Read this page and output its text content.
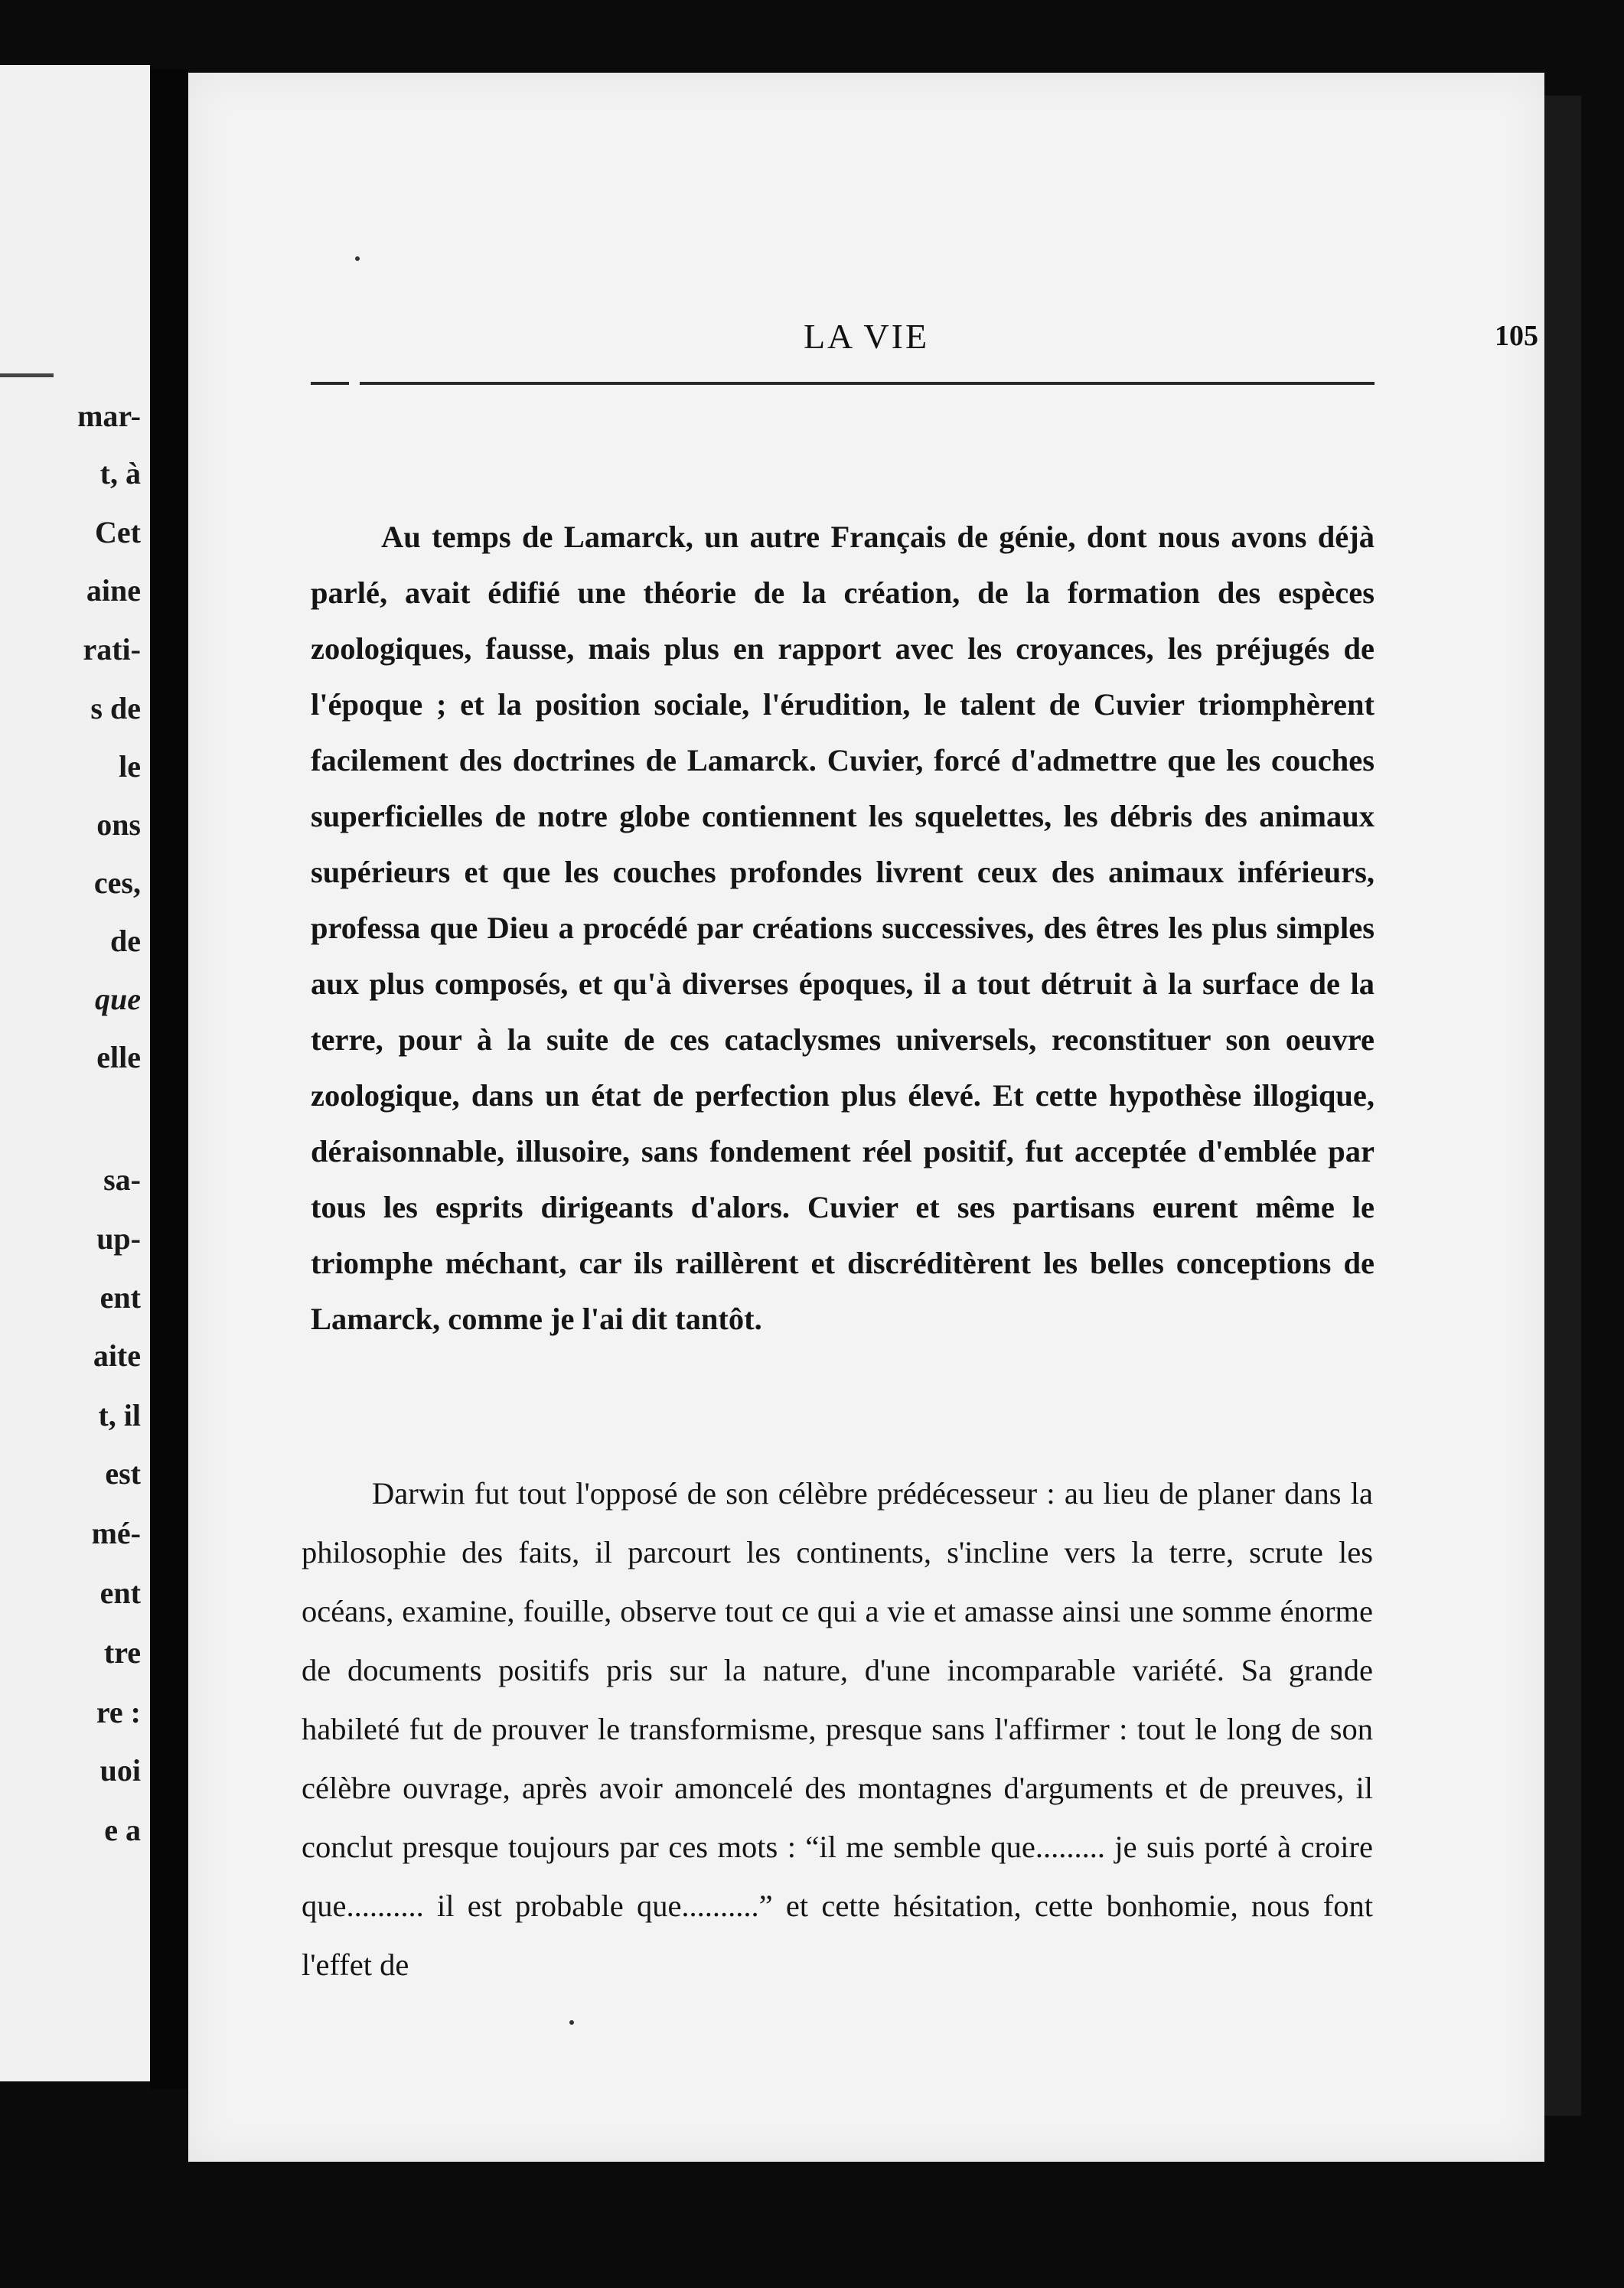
mar-
t, à
Cet
aine
rati-
s de
le
ons
ces,
de
que
elle
sa-
up-
ent
aite
t, il
est
mé-
ent
tre
re :
uoi
e a
LA VIE	105

Au temps de Lamarck, un autre Français de génie, dont nous avons déjà parlé, avait édifié une théorie de la création, de la formation des espèces zoologiques, fausse, mais plus en rapport avec les croyances, les préjugés de l'époque ; et la position sociale, l'érudition, le talent de Cuvier triomphèrent facilement des doctrines de Lamarck. Cuvier, forcé d'admettre que les couches superficielles de notre globe contiennent les squelettes, les débris des animaux supérieurs et que les couches profondes livrent ceux des animaux inférieurs, professa que Dieu a procédé par créations successives, des êtres les plus simples aux plus composés, et qu'à diverses époques, il a tout détruit à la surface de la terre, pour à la suite de ces cataclysmes universels, reconstituer son oeuvre zoologique, dans un état de perfection plus élevé. Et cette hypothèse illogique, déraisonnable, illusoire, sans fondement réel positif, fut acceptée d'emblée par tous les esprits dirigeants d'alors. Cuvier et ses partisans eurent même le triomphe méchant, car ils raillèrent et discréditèrent les belles conceptions de Lamarck, comme je l'ai dit tantôt.

Darwin fut tout l'opposé de son célèbre prédécesseur : au lieu de planer dans la philosophie des faits, il parcourt les continents, s'incline vers la terre, scrute les océans, examine, fouille, observe tout ce qui a vie et amasse ainsi une somme énorme de documents positifs pris sur la nature, d'une incomparable variété. Sa grande habileté fut de prouver le transformisme, presque sans l'affirmer : tout le long de son célèbre ouvrage, après avoir amoncelé des montagnes d'arguments et de preuves, il conclut presque toujours par ces mots : “il me semble que......... je suis porté à croire que.......... il est probable que..........” et cette hésitation, cette bonhomie, nous font l'effet de
